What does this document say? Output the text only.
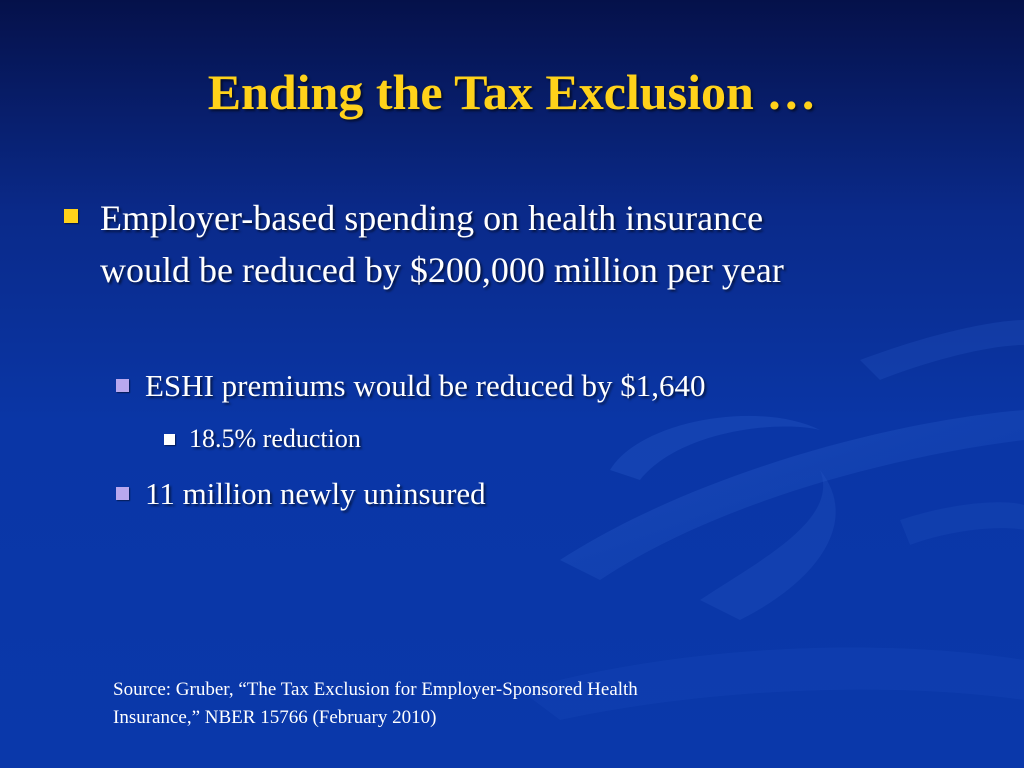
Ending the Tax Exclusion …
Employer-based spending on health insurance
would be reduced by $200,000 million per year
ESHI premiums would be reduced by $1,640
18.5% reduction
11 million newly uninsured
Source: Gruber, “The Tax Exclusion for Employer-Sponsored Health
Insurance,” NBER 15766 (February 2010)
